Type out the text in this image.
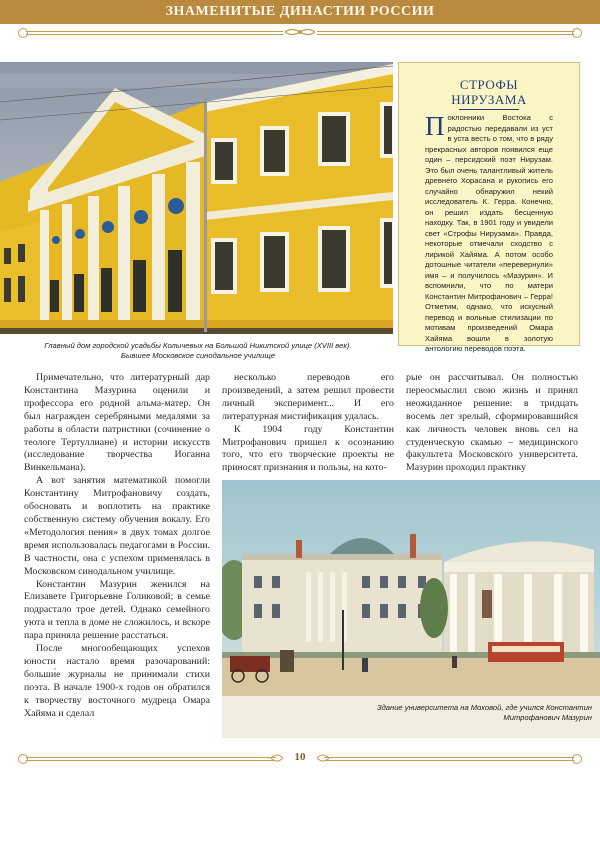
ЗНАМЕНИТЫЕ ДИНАСТИИ РОССИИ
Главный дом городской усадьбы Колычевых на Большой Никитской улице (XVIII век).
Бывшее Московское синодальное училище
СТРОФЫ
НИРУЗАМА
Поклонники Востока с радостью передавали из уст в уста весть о том, что в ряду прекрасных авторов появился еще один – персидский поэт Нирузам. Это был очень талантливый житель древнего Хорасана и рукопись его случайно обнаружил некий исследователь К. Герра. Конечно, он решил издать бесценную находку. Так, в 1901 году и увидели свет «Строфы Нирузама». Правда, некоторые отмечали сходство с лирикой Хайяма. А потом особо дотошные читатели «перевернули» имя – и получилось «Мазурин». И вспомнили, что по матери Константин Митрофанович – Герра! Отметим, однако, что искусный перевод и вольные стилизации по мотивам произведений Омара Хайяма вошли в золотую антологию переводов поэта.

Примечательно, что литературный дар Константина Мазурина оценили и профессора его родной альма-матер. Он был награжден серебряными медалями за работы в области патристики (сочинение о теологе Тертуллиане) и истории искусств (исследование творчества Иоганна Винкельмана).

А вот занятия математикой помогли Константину Митрофановичу создать, обосновать и воплотить на практике собственную систему обучения вокалу. Его «Методология пения» в двух томах долгое время использовалась педагогами в России. В частности, она с успехом применялась в Московском синодальном училище.

Константин Мазурин женился на Елизавете Григорьевне Голиковой; в семье подрастало трое детей. Однако семейного уюта и тепла в доме не сложилось, и вскоре пара приняла решение расстаться.

После многообещающих успехов юности настало время разочарований: больши́е журналы не принимали стихи поэта. В начале 1900-х годов он обратился к творчеству восточного мудреца Омара Хайяма и сделал

несколько переводов его произведений, а затем решил провести личный эксперимент... И его литературная мистификация удалась.

К 1904 году Константин Митрофанович пришел к осознанию того, что его творческие проекты не приносят признания и пользы, на кото-

рые он рассчитывал. Он полностью переосмыслил свою жизнь и принял неожиданное решение: в тридцать восемь лет зрелый, сформировавшийся как личность человек вновь сел на студенческую скамью – медицинского факультета Московского университета. Мазурин проходил практику

Здание университета на Моховой, где учился Константин
Митрофанович Мазурин
10
